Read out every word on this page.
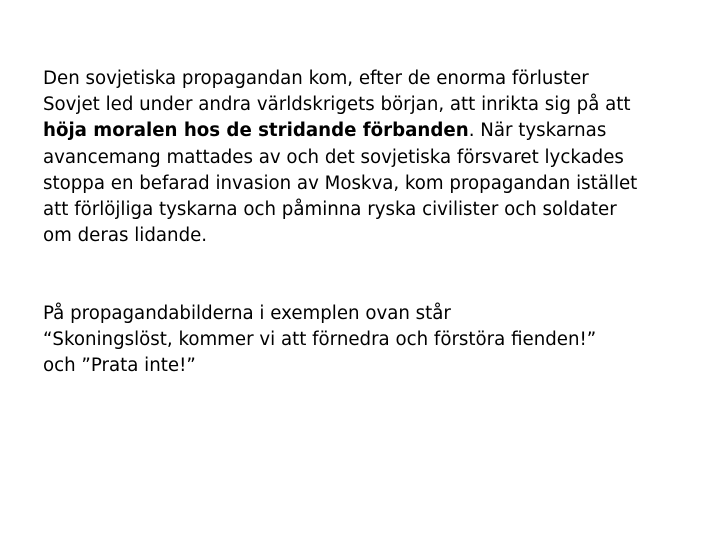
Den sovjetiska propagandan kom, efter de enorma förluster
Sovjet led under andra världskrigets början, att inrikta sig på att
höja moralen hos de stridande förbanden. När tyskarnas
avancemang mattades av och det sovjetiska försvaret lyckades
stoppa en befarad invasion av Moskva, kom propagandan istället
att förlöjliga tyskarna och påminna ryska civilister och soldater
om deras lidande.
På propagandabilderna i exemplen ovan står
“Skoningslöst, kommer vi att förnedra och förstöra fienden!”
och ”Prata inte!”
